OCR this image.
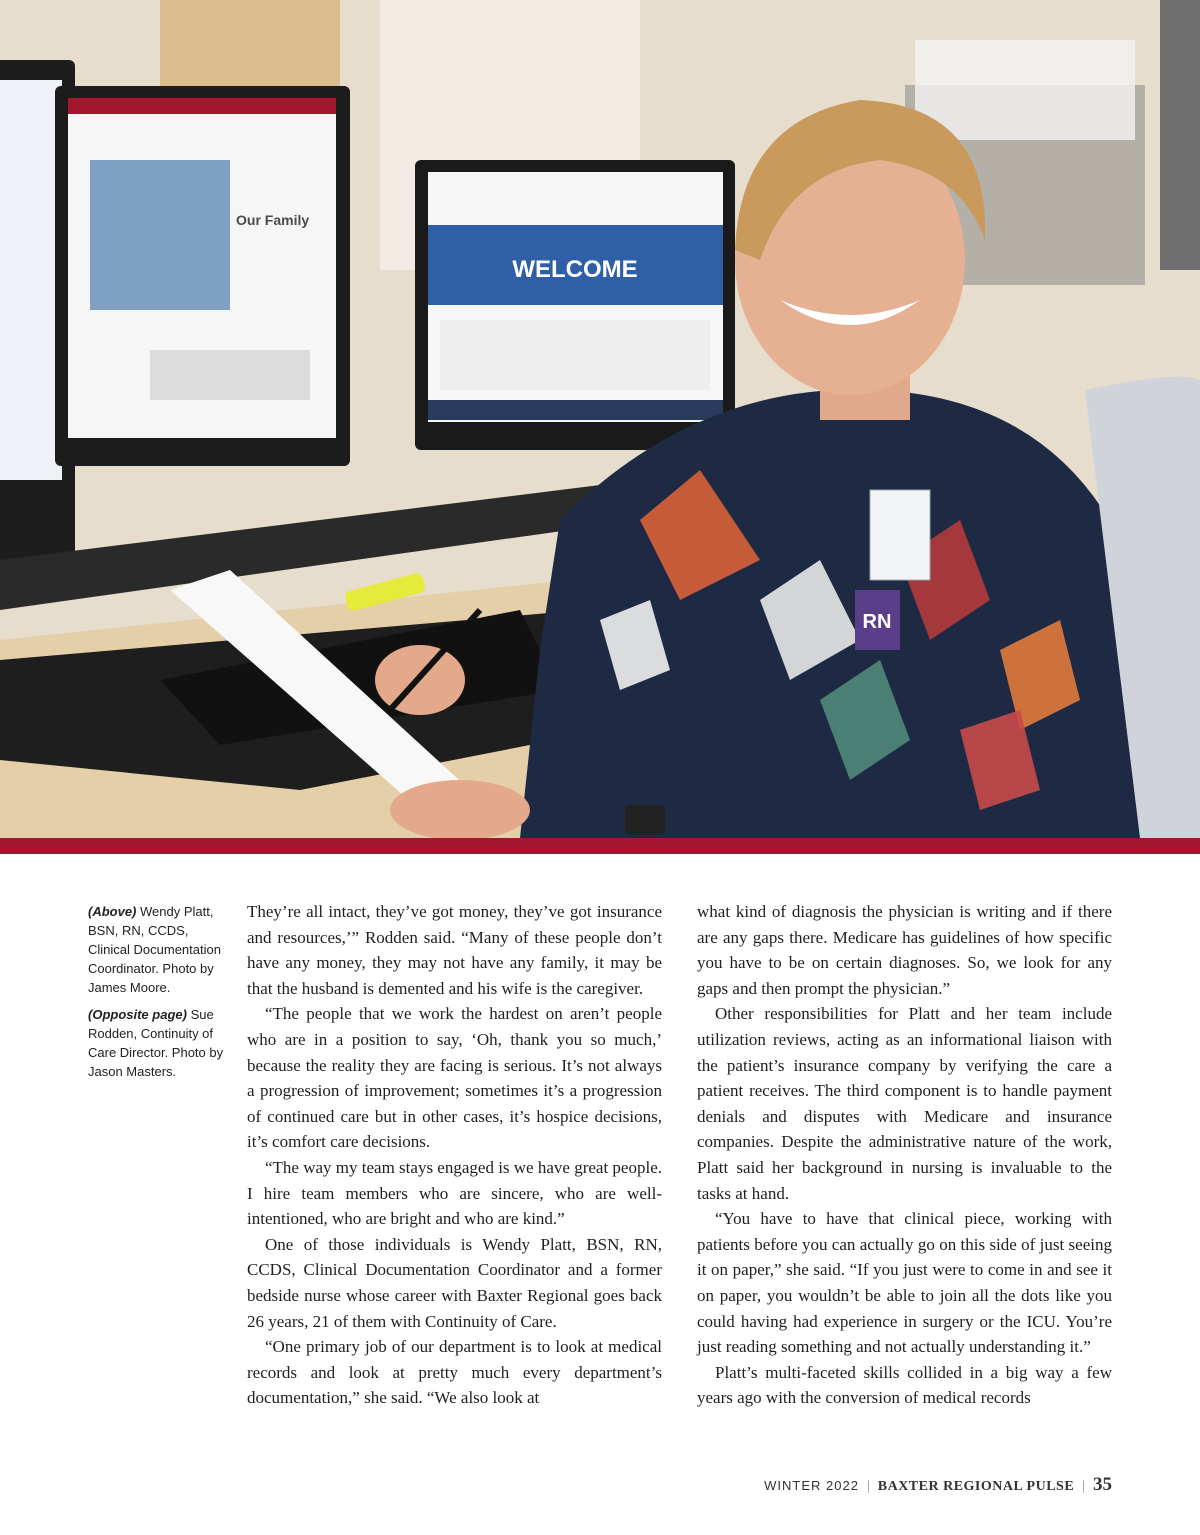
Our Family
WELCOME
RN

(Above) Wendy Platt, BSN, RN, CCDS, Clinical Documentation Coordinator. Photo by James Moore.

(Opposite page) Sue Rodden, Continuity of Care Director. Photo by Jason Masters.

They’re all intact, they’ve got money, they’ve got insurance and resources,’” Rodden said. “Many of these people don’t have any money, they may not have any family, it may be that the husband is demented and his wife is the caregiver.

“The people that we work the hardest on aren’t people who are in a position to say, ‘Oh, thank you so much,’ because the reality they are facing is serious. It’s not always a progression of improvement; sometimes it’s a progression of continued care but in other cases, it’s hospice decisions, it’s comfort care decisions.

“The way my team stays engaged is we have great people. I hire team members who are sincere, who are well-intentioned, who are bright and who are kind.”

One of those individuals is Wendy Platt, BSN, RN, CCDS, Clinical Documentation Coordinator and a former bedside nurse whose career with Baxter Regional goes back 26 years, 21 of them with Continuity of Care.

“One primary job of our department is to look at medical records and look at pretty much every department’s documentation,” she said. “We also look at

what kind of diagnosis the physician is writing and if there are any gaps there. Medicare has guidelines of how specific you have to be on certain diagnoses. So, we look for any gaps and then prompt the physician.”

Other responsibilities for Platt and her team include utilization reviews, acting as an informational liaison with the patient’s insurance company by verifying the care a patient receives. The third component is to handle payment denials and disputes with Medicare and insurance companies. Despite the administrative nature of the work, Platt said her background in nursing is invaluable to the tasks at hand.

“You have to have that clinical piece, working with patients before you can actually go on this side of just seeing it on paper,” she said. “If you just were to come in and see it on paper, you wouldn’t be able to join all the dots like you could having had experience in surgery or the ICU. You’re just reading something and not actually understanding it.”

Platt’s multi-faceted skills collided in a big way a few years ago with the conversion of medical records

WINTER 2022 | BAXTER REGIONAL PULSE | 35
